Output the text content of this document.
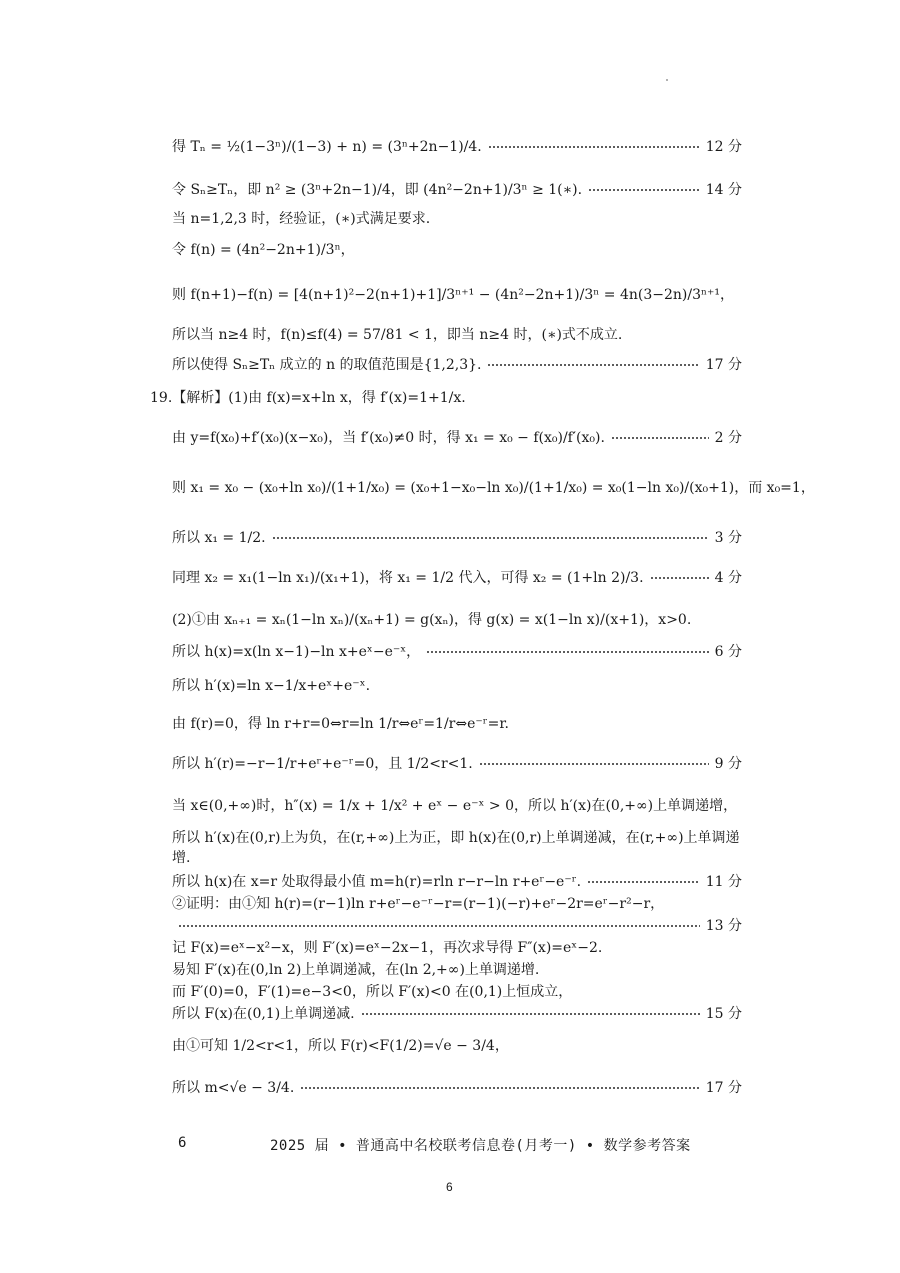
得 Tₙ = ½(1−3ⁿ)/(1−3) + n) = (3ⁿ+2n−1)/4.	12 分
令 Sₙ≥Tₙ，即 n² ≥ (3ⁿ+2n−1)/4，即 (4n²−2n+1)/3ⁿ ≥ 1(∗).	14 分
当 n=1,2,3 时，经验证，(∗)式满足要求.
令 f(n) = (4n²−2n+1)/3ⁿ，
则 f(n+1)−f(n) = [4(n+1)²−2(n+1)+1]/3ⁿ⁺¹ − (4n²−2n+1)/3ⁿ = 4n(3−2n)/3ⁿ⁺¹，
所以当 n≥4 时，f(n)≤f(4) = 57/81 < 1，即当 n≥4 时，(∗)式不成立.
所以使得 Sₙ≥Tₙ 成立的 n 的取值范围是{1,2,3}.	17 分
19.【解析】(1)由 f(x)=x+ln x，得 f′(x)=1+1/x.
由 y=f(x₀)+f′(x₀)(x−x₀)，当 f′(x₀)≠0 时，得 x₁ = x₀ − f(x₀)/f′(x₀).	2 分
则 x₁ = x₀ − (x₀+ln x₀)/(1+1/x₀) = (x₀+1−x₀−ln x₀)/(1+1/x₀) = x₀(1−ln x₀)/(x₀+1)，而 x₀=1，
所以 x₁ = 1/2.	3 分
同理 x₂ = x₁(1−ln x₁)/(x₁+1)，将 x₁ = 1/2 代入，可得 x₂ = (1+ln 2)/3.	4 分
(2)①由 xₙ₊₁ = xₙ(1−ln xₙ)/(xₙ+1) = g(xₙ)，得 g(x) = x(1−ln x)/(x+1)，x>0.
所以 h(x)=x(ln x−1)−ln x+eˣ−e⁻ˣ，	6 分
所以 h′(x)=ln x−1/x+eˣ+e⁻ˣ.
由 f(r)=0，得 ln r+r=0⇔r=ln 1/r⇔eʳ=1/r⇔e⁻ʳ=r.
所以 h′(r)=−r−1/r+eʳ+e⁻ʳ=0，且 1/2<r<1.	9 分
当 x∈(0,+∞)时，h″(x) = 1/x + 1/x² + eˣ − e⁻ˣ > 0，所以 h′(x)在(0,+∞)上单调递增，
所以 h′(x)在(0,r)上为负，在(r,+∞)上为正，即 h(x)在(0,r)上单调递减，在(r,+∞)上单调递增.
所以 h(x)在 x=r 处取得最小值 m=h(r)=rln r−r−ln r+eʳ−e⁻ʳ.	11 分
②证明：由①知 h(r)=(r−1)ln r+eʳ−e⁻ʳ−r=(r−1)(−r)+eʳ−2r=eʳ−r²−r，
13 分
记 F(x)=eˣ−x²−x，则 F′(x)=eˣ−2x−1，再次求导得 F″(x)=eˣ−2.
易知 F′(x)在(0,ln 2)上单调递减，在(ln 2,+∞)上单调递增.
而 F′(0)=0，F′(1)=e−3<0，所以 F′(x)<0 在(0,1)上恒成立，
所以 F(x)在(0,1)上单调递减.	15 分
由①可知 1/2<r<1，所以 F(r)<F(1/2)=√e − 3/4，
所以 m<√e − 3/4.	17 分
6	2025 届 • 普通高中名校联考信息卷(月考一) • 数学参考答案
6
